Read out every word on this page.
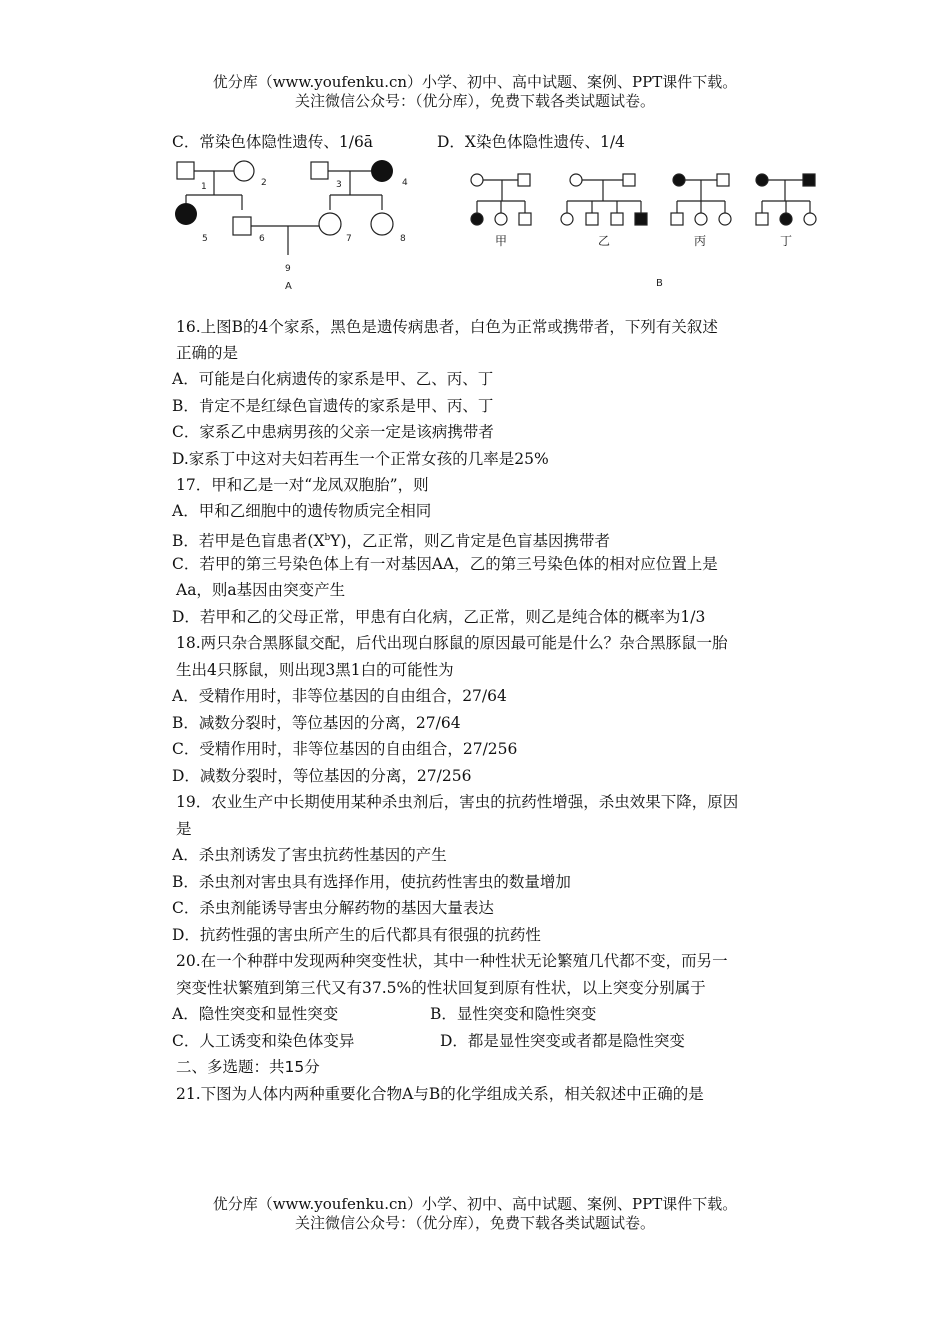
优分库（www.youfenku.cn）小学、初中、高中试题、案例、PPT课件下载。
关注微信公众号：（优分库），免费下载各类试题试卷。
C．常染色体隐性遗传、1/6ā	D．X染色体隐性遗传、1/4
1	2	3	4
5	6	7	8
9
A
甲	乙	丙	丁
B
16.上图B的4个家系，黑色是遗传病患者，白色为正常或携带者，下列有关叙述
正确的是
A．可能是白化病遗传的家系是甲、乙、丙、丁
B．肯定不是红绿色盲遗传的家系是甲、丙、丁
C．家系乙中患病男孩的父亲一定是该病携带者
D.家系丁中这对夫妇若再生一个正常女孩的几率是25%
17．甲和乙是一对“龙凤双胞胎”，则
A．甲和乙细胞中的遗传物质完全相同
B．若甲是色盲患者$(X^bY)$，乙正常，则乙肯定是色盲基因携带者
C．若甲的第三号染色体上有一对基因AA，乙的第三号染色体的相对应位置上是
Aa，则a基因由突变产生
D．若甲和乙的父母正常，甲患有白化病，乙正常，则乙是纯合体的概率为1/3
18.两只杂合黑豚鼠交配，后代出现白豚鼠的原因最可能是什么？杂合黑豚鼠一胎
生出4只豚鼠，则出现3黑1白的可能性为
A．受精作用时，非等位基因的自由组合，27/64
B．减数分裂时，等位基因的分离，27/64
C．受精作用时，非等位基因的自由组合，27/256
D．减数分裂时，等位基因的分离，27/256
19．农业生产中长期使用某种杀虫剂后，害虫的抗药性增强，杀虫效果下降，原因
是
A．杀虫剂诱发了害虫抗药性基因的产生
B．杀虫剂对害虫具有选择作用，使抗药性害虫的数量增加
C．杀虫剂能诱导害虫分解药物的基因大量表达
D．抗药性强的害虫所产生的后代都具有很强的抗药性
20.在一个种群中发现两种突变性状，其中一种性状无论繁殖几代都不变，而另一
突变性状繁殖到第三代又有37.5%的性状回复到原有性状，以上突变分别属于
A．隐性突变和显性突变	B．显性突变和隐性突变
C．人工诱变和染色体变异	D．都是显性突变或者都是隐性突变
二、多选题：共15分
21.下图为人体内两种重要化合物A与B的化学组成关系，相关叙述中正确的是
优分库（www.youfenku.cn）小学、初中、高中试题、案例、PPT课件下载。
关注微信公众号：（优分库），免费下载各类试题试卷。
